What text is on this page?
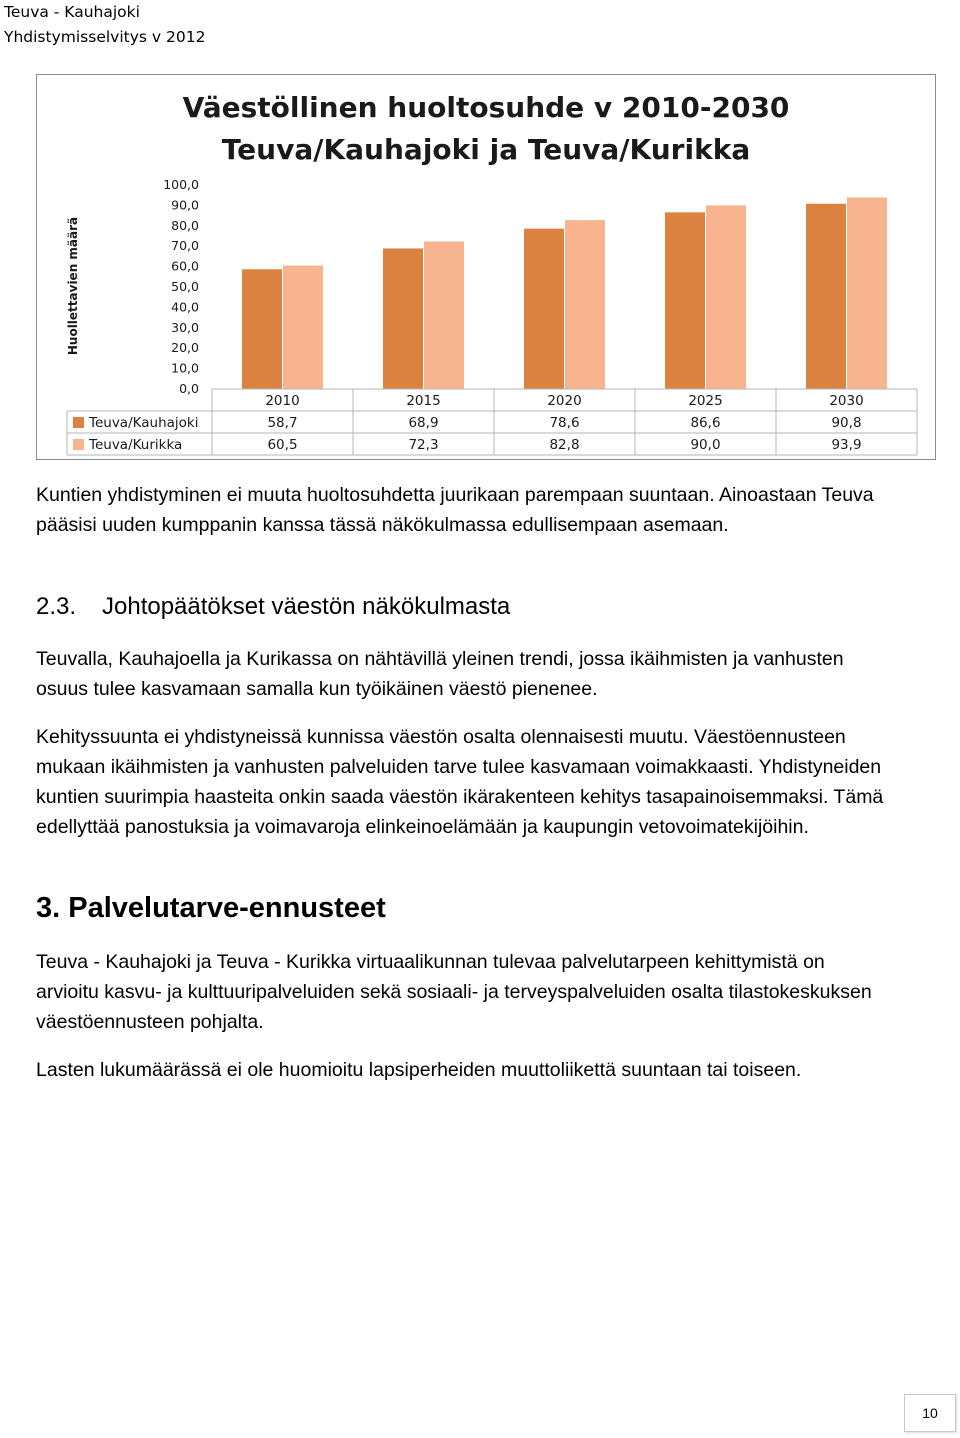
Teuva - Kauhajoki
Yhdistymisselvitys v 2012
Väestöllinen huoltosuhde v 2010-2030
Teuva/Kauhajoki ja Teuva/Kurikka
Huollettavien määrä
0,0
10,0
20,0
30,0
40,0
50,0
60,0
70,0
80,0
90,0
100,0
2010	2015	2020	2025	2030
Teuva/Kauhajoki	58,7	68,9	78,6	86,6	90,8
Teuva/Kurikka	60,5	72,3	82,8	90,0	93,9

Kuntien yhdistyminen ei muuta huoltosuhdetta juurikaan parempaan suuntaan. Ainoastaan Teuva pääsisi uuden kumppanin kanssa tässä näkökulmassa edullisempaan asemaan.

2.3. Johtopäätökset väestön näkökulmasta

Teuvalla, Kauhajoella ja Kurikassa on nähtävillä yleinen trendi, jossa ikäihmisten ja vanhusten osuus tulee kasvamaan samalla kun työikäinen väestö pienenee.

Kehityssuunta ei yhdistyneissä kunnissa väestön osalta olennaisesti muutu. Väestöennusteen mukaan ikäihmisten ja vanhusten palveluiden tarve tulee kasvamaan voimakkaasti. Yhdistyneiden kuntien suurimpia haasteita onkin saada väestön ikärakenteen kehitys tasapainoisemmaksi. Tämä edellyttää panostuksia ja voimavaroja elinkeinoelämään ja kaupungin vetovoimatekijöihin.

3. Palvelutarve-ennusteet

Teuva - Kauhajoki ja Teuva - Kurikka virtuaalikunnan tulevaa palvelutarpeen kehittymistä on arvioitu kasvu- ja kulttuuripalveluiden sekä sosiaali- ja terveyspalveluiden osalta tilastokeskuksen väestöennusteen pohjalta.

Lasten lukumäärässä ei ole huomioitu lapsiperheiden muuttoliikettä suuntaan tai toiseen.

10
